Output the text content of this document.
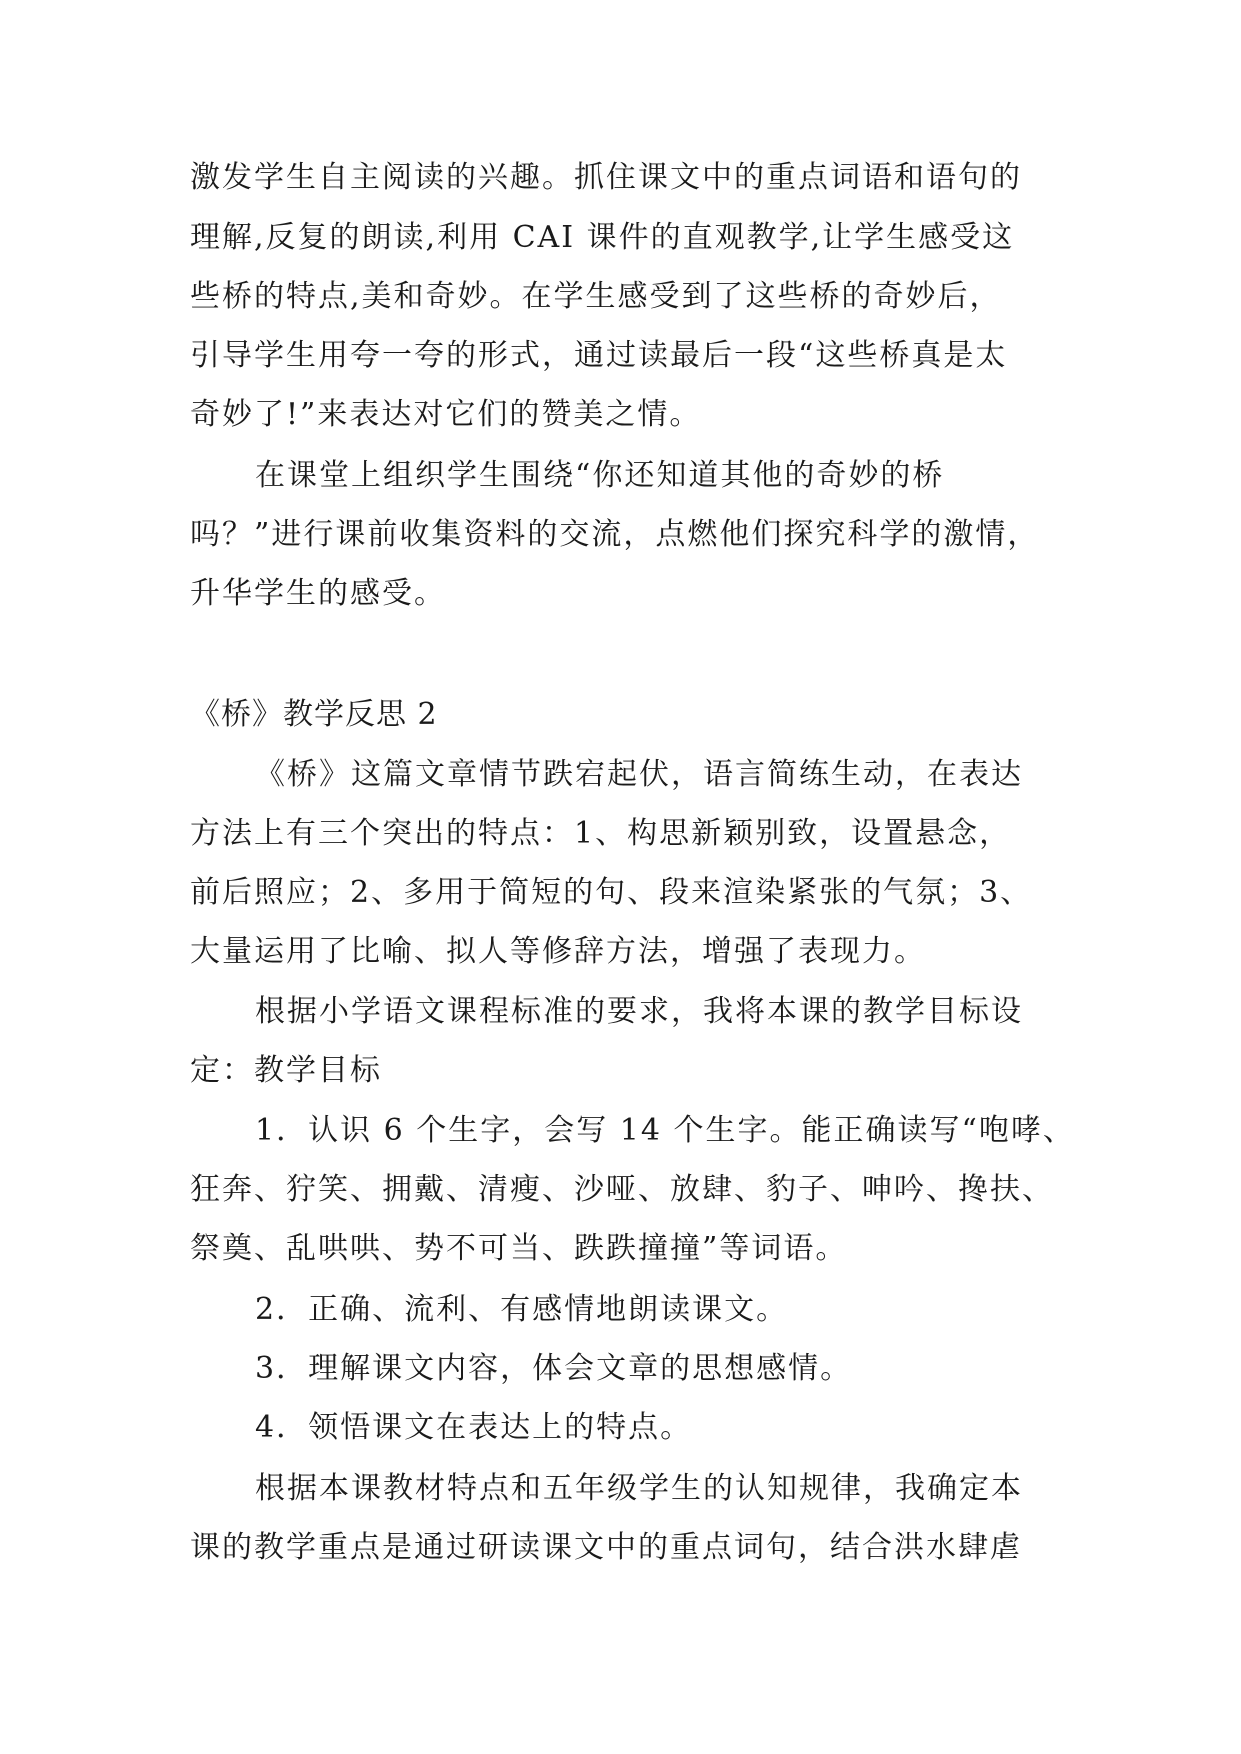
激发学生自主阅读的兴趣。抓住课文中的重点词语和语句的
理解,反复的朗读,利用 CAI 课件的直观教学,让学生感受这
些桥的特点,美和奇妙。在学生感受到了这些桥的奇妙后，
引导学生用夸一夸的形式，通过读最后一段“这些桥真是太
奇妙了!”来表达对它们的赞美之情。
在课堂上组织学生围绕“你还知道其他的奇妙的桥
吗？”进行课前收集资料的交流，点燃他们探究科学的激情，
升华学生的感受。
《桥》教学反思 2
《桥》这篇文章情节跌宕起伏，语言简练生动，在表达
方法上有三个突出的特点：1、构思新颖别致，设置悬念，
前后照应；2、多用于简短的句、段来渲染紧张的气氛；3、
大量运用了比喻、拟人等修辞方法，增强了表现力。
根据小学语文课程标准的要求，我将本课的教学目标设
定：教学目标
1．认识 6 个生字，会写 14 个生字。能正确读写“咆哮、
狂奔、狞笑、拥戴、清瘦、沙哑、放肆、豹子、呻吟、搀扶、
祭奠、乱哄哄、势不可当、跌跌撞撞”等词语。
2．正确、流利、有感情地朗读课文。
3．理解课文内容，体会文章的思想感情。
4．领悟课文在表达上的特点。
根据本课教材特点和五年级学生的认知规律，我确定本
课的教学重点是通过研读课文中的重点词句，结合洪水肆虐
